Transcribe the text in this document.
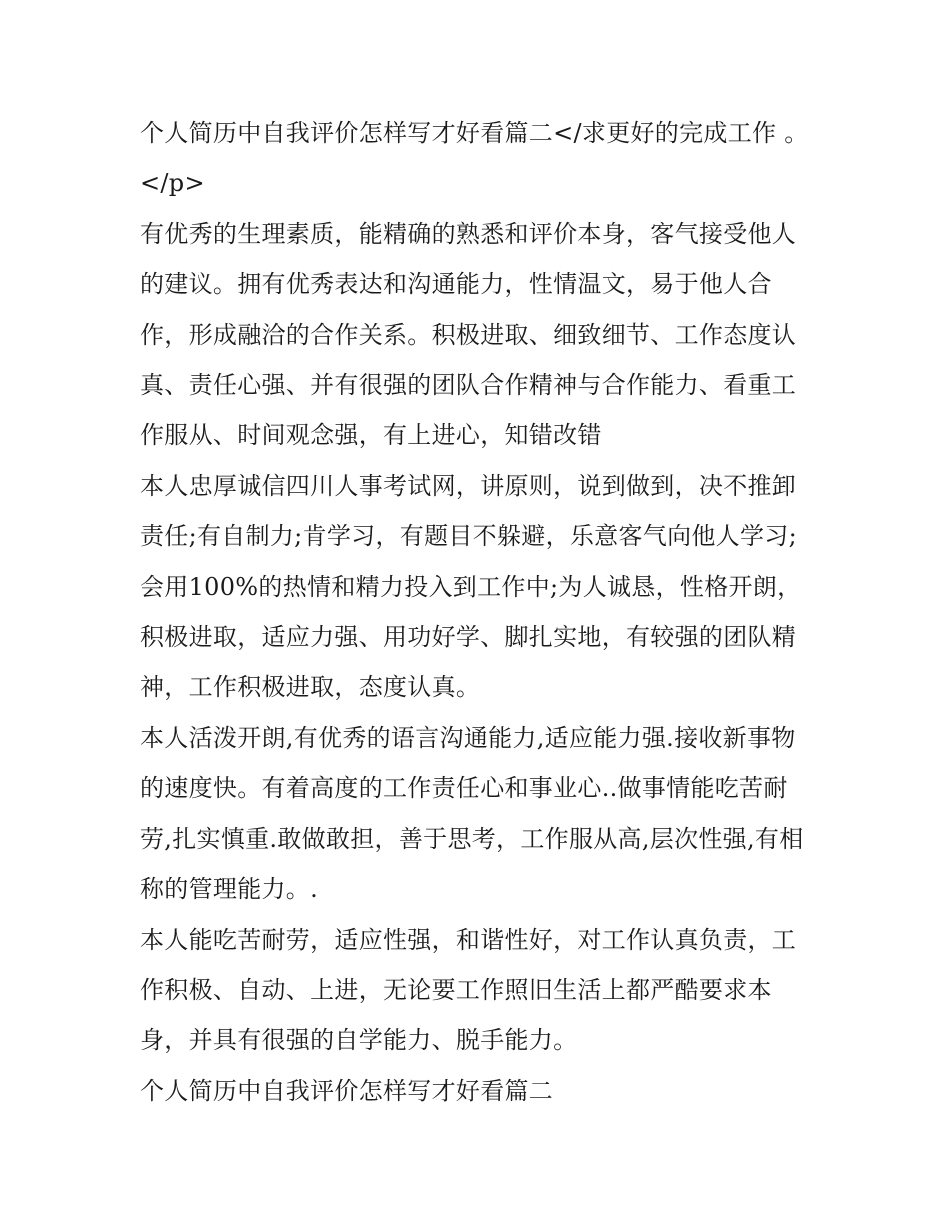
个人简历中自我评价怎样写才好看篇二</求更好的完成工作 。</p>

有优秀的生理素质，能精确的熟悉和评价本身，客气接受他人的建议。拥有优秀表达和沟通能力，性情温文，易于他人合作，形成融洽的合作关系。积极进取、细致细节、工作态度认真、责任心强、并有很强的团队合作精神与合作能力、看重工作服从、时间观念强，有上进心，知错改错

本人忠厚诚信四川人事考试网，讲原则，说到做到，决不推卸责任;有自制力;肯学习，有题目不躲避，乐意客气向他人学习;会用100%的热情和精力投入到工作中;为人诚恳，性格开朗，积极进取，适应力强、用功好学、脚扎实地，有较强的团队精神，工作积极进取，态度认真。

本人活泼开朗,有优秀的语言沟通能力,适应能力强.接收新事物的速度快。有着高度的工作责任心和事业心..做事情能吃苦耐劳,扎实慎重.敢做敢担，善于思考，工作服从高,层次性强,有相称的管理能力。.

本人能吃苦耐劳，适应性强，和谐性好，对工作认真负责，工作积极、自动、上进，无论要工作照旧生活上都严酷要求本身，并具有很强的自学能力、脱手能力。

个人简历中自我评价怎样写才好看篇二
